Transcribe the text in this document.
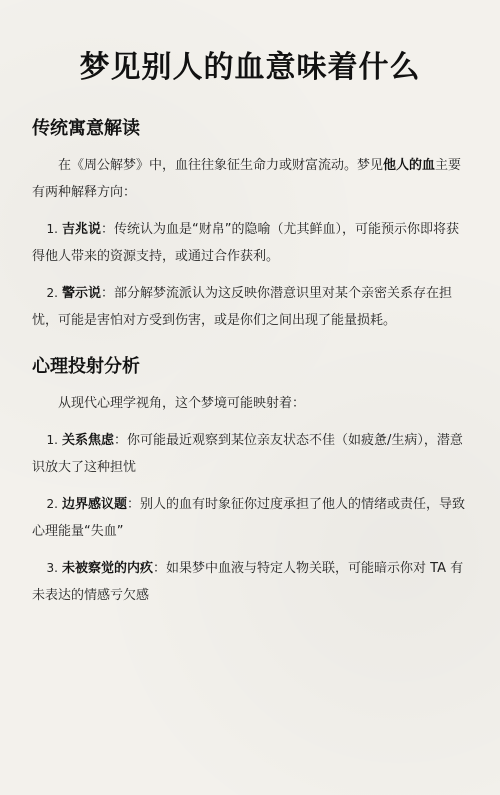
梦见别人的血意味着什么
传统寓意解读

在《周公解梦》中，血往往象征生命力或财富流动。梦见他人的血主要有两种解释方向：

1. 吉兆说：传统认为血是“财帛”的隐喻（尤其鲜血），可能预示你即将获得他人带来的资源支持，或通过合作获利。

2. 警示说：部分解梦流派认为这反映你潜意识里对某个亲密关系存在担忧，可能是害怕对方受到伤害，或是你们之间出现了能量损耗。

心理投射分析

从现代心理学视角，这个梦境可能映射着：

1. 关系焦虑：你可能最近观察到某位亲友状态不佳（如疲惫/生病），潜意识放大了这种担忧

2. 边界感议题：别人的血有时象征你过度承担了他人的情绪或责任，导致心理能量“失血”

3. 未被察觉的内疚：如果梦中血液与特定人物关联，可能暗示你对 TA 有未表达的情感亏欠感
